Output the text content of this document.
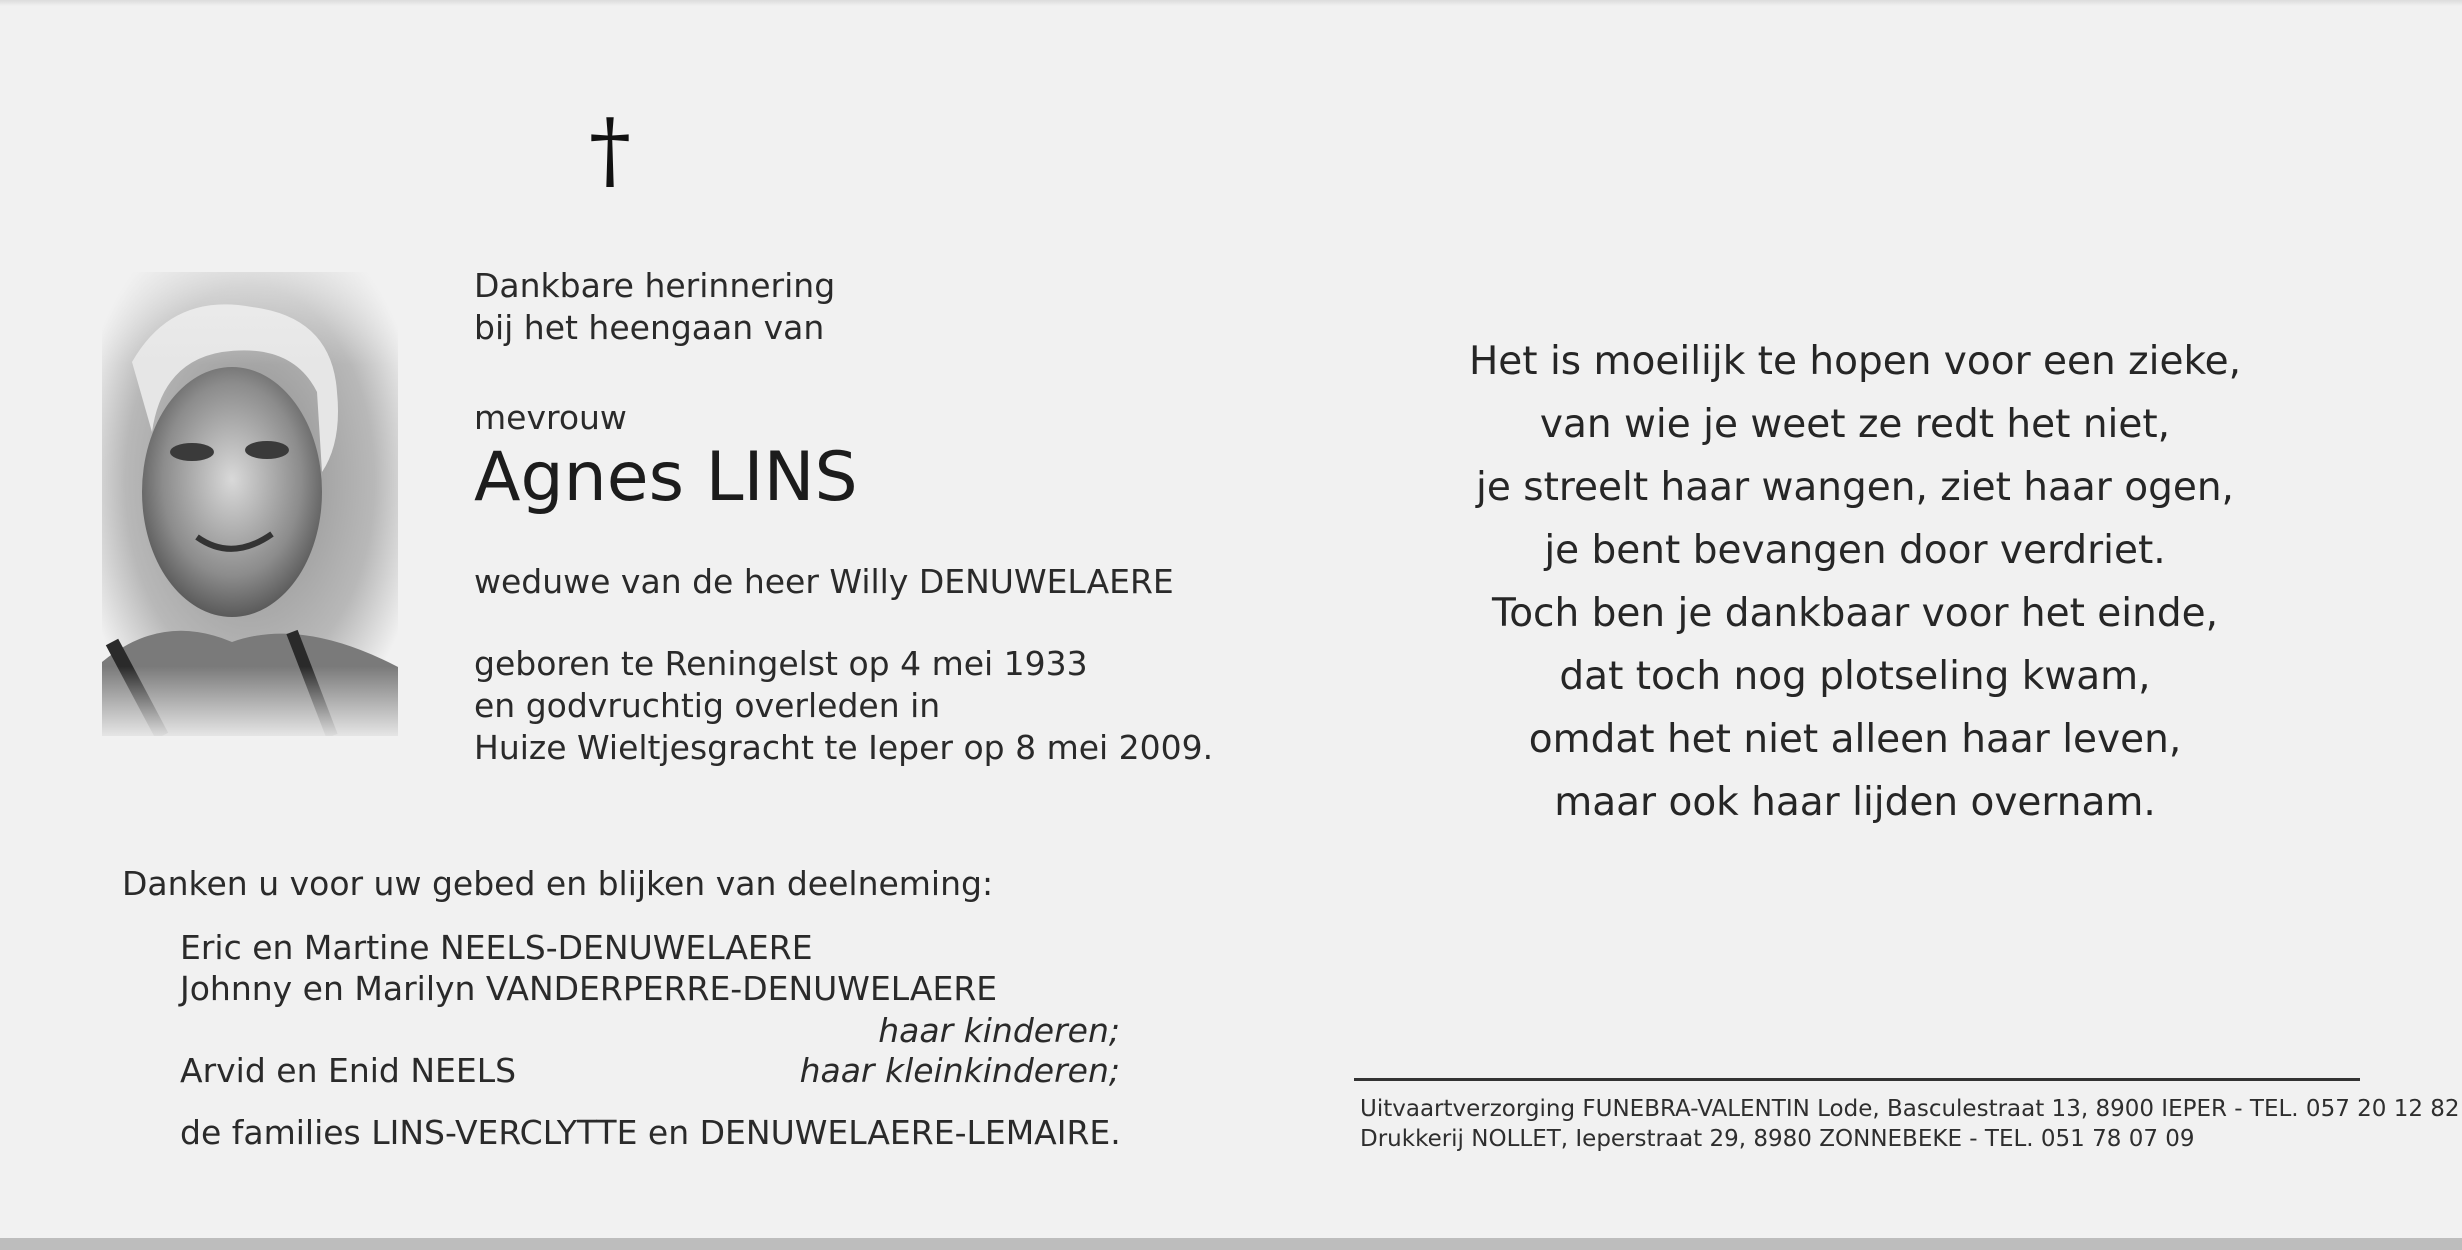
†
Dankbare herinnering
bij het heengaan van
mevrouw
Agnes LINS
weduwe van de heer Willy DENUWELAERE
geboren te Reningelst op 4 mei 1933
en godvruchtig overleden in
Huize Wieltjesgracht te Ieper op 8 mei 2009.
Danken u voor uw gebed en blijken van deelneming:
Eric en Martine NEELS-DENUWELAERE
Johnny en Marilyn VANDERPERRE-DENUWELAERE
haar kinderen;
Arvid en Enid NEELS	haar kleinkinderen;
de families LINS-VERCLYTTE en DENUWELAERE-LEMAIRE.
Het is moeilijk te hopen voor een zieke,
van wie je weet ze redt het niet,
je streelt haar wangen, ziet haar ogen,
je bent bevangen door verdriet.
Toch ben je dankbaar voor het einde,
dat toch nog plotseling kwam,
omdat het niet alleen haar leven,
maar ook haar lijden overnam.
Uitvaartverzorging FUNEBRA-VALENTIN Lode, Basculestraat 13, 8900 IEPER - TEL. 057 20 12 82
Drukkerij NOLLET, Ieperstraat 29, 8980 ZONNEBEKE - TEL. 051 78 07 09
